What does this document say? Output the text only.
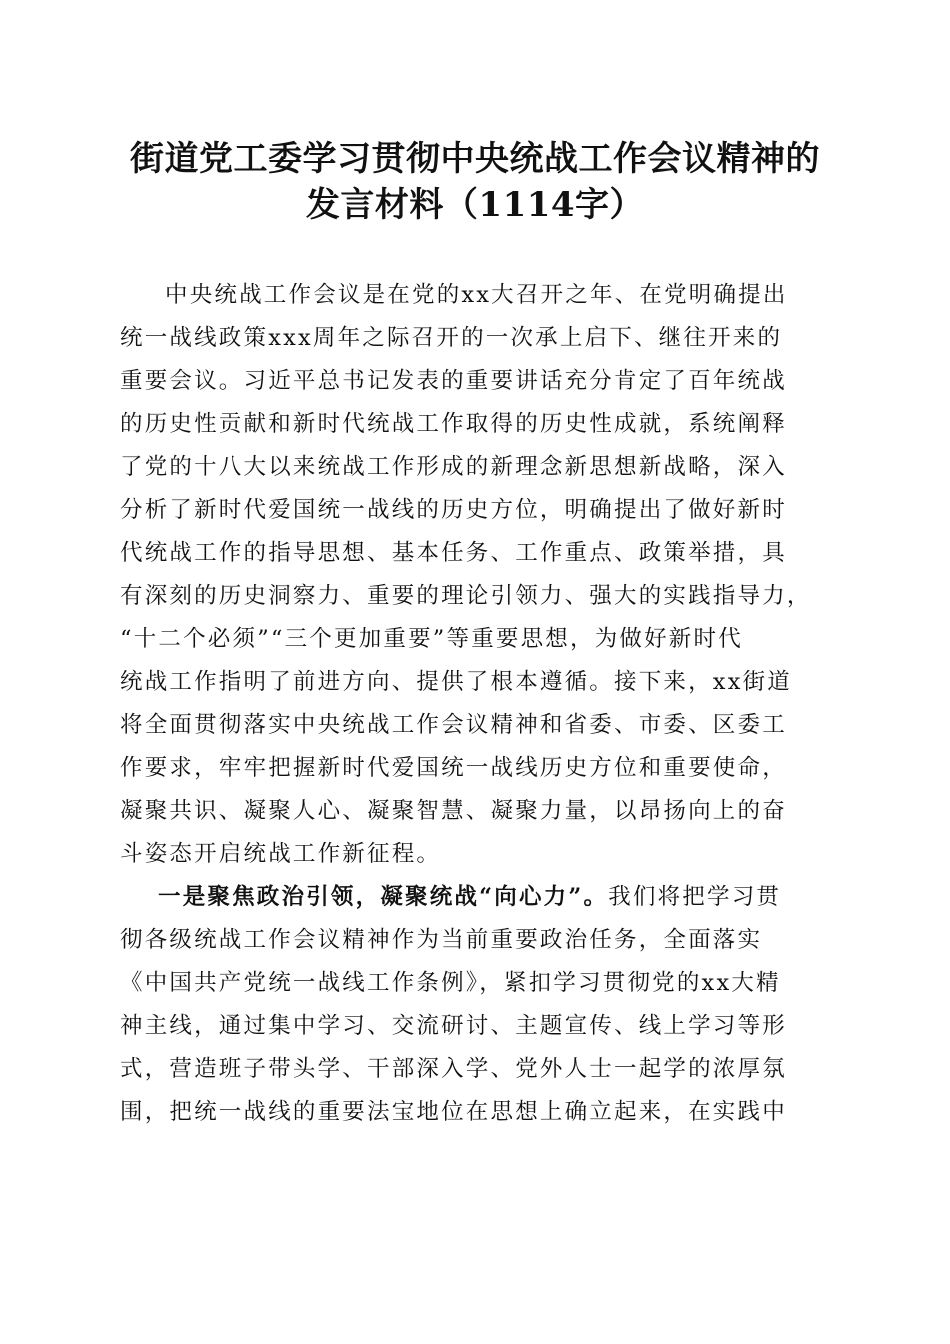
街道党工委学习贯彻中央统战工作会议精神的
发言材料（1114字）

中央统战工作会议是在党的xx大召开之年、在党明确提出
统一战线政策xxx周年之际召开的一次承上启下、继往开来的
重要会议。习近平总书记发表的重要讲话充分肯定了百年统战
的历史性贡献和新时代统战工作取得的历史性成就，系统阐释
了党的十八大以来统战工作形成的新理念新思想新战略，深入
分析了新时代爱国统一战线的历史方位，明确提出了做好新时
代统战工作的指导思想、基本任务、工作重点、政策举措，具
有深刻的历史洞察力、重要的理论引领力、强大的实践指导力，
“十二个必须”“三个更加重要”等重要思想，为做好新时代
统战工作指明了前进方向、提供了根本遵循。接下来，xx街道
将全面贯彻落实中央统战工作会议精神和省委、市委、区委工
作要求，牢牢把握新时代爱国统一战线历史方位和重要使命，
凝聚共识、凝聚人心、凝聚智慧、凝聚力量，以昂扬向上的奋
斗姿态开启统战工作新征程。

一是聚焦政治引领，凝聚统战“向心力”。我们将把学习贯
彻各级统战工作会议精神作为当前重要政治任务，全面落实
《中国共产党统一战线工作条例》，紧扣学习贯彻党的xx大精
神主线，通过集中学习、交流研讨、主题宣传、线上学习等形
式，营造班子带头学、干部深入学、党外人士一起学的浓厚氛
围，把统一战线的重要法宝地位在思想上确立起来，在实践中
